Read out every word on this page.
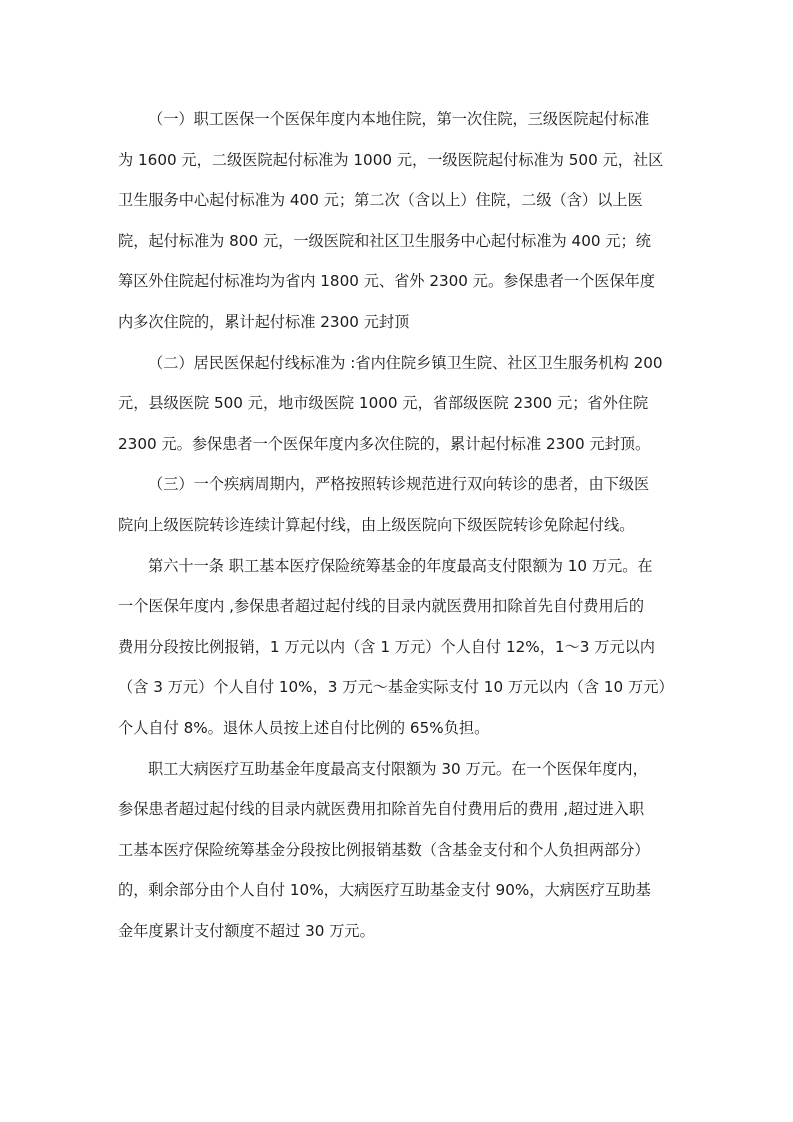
（一）职工医保一个医保年度内本地住院，第一次住院，三级医院起付标准
为 1600 元，二级医院起付标准为 1000 元，一级医院起付标准为 500 元，社区
卫生服务中心起付标准为 400 元；第二次（含以上）住院，二级（含）以上医
院，起付标准为 800 元，一级医院和社区卫生服务中心起付标准为 400 元；统
筹区外住院起付标准均为省内 1800 元、省外 2300 元。参保患者一个医保年度
内多次住院的，累计起付标准 2300 元封顶
（二）居民医保起付线标准为 :省内住院乡镇卫生院、社区卫生服务机构 200
元，县级医院 500 元，地市级医院 1000 元，省部级医院 2300 元；省外住院
2300 元。参保患者一个医保年度内多次住院的，累计起付标准 2300 元封顶。
（三）一个疾病周期内，严格按照转诊规范进行双向转诊的患者，由下级医
院向上级医院转诊连续计算起付线，由上级医院向下级医院转诊免除起付线。
第六十一条 职工基本医疗保险统筹基金的年度最高支付限额为 10 万元。在
一个医保年度内 ,参保患者超过起付线的目录内就医费用扣除首先自付费用后的
费用分段按比例报销，1 万元以内（含 1 万元）个人自付 12%，1～3 万元以内
（含 3 万元）个人自付 10%，3 万元～基金实际支付 10 万元以内（含 10 万元）
个人自付 8%。退休人员按上述自付比例的 65%负担。
职工大病医疗互助基金年度最高支付限额为 30 万元。在一个医保年度内，
参保患者超过起付线的目录内就医费用扣除首先自付费用后的费用 ,超过进入职
工基本医疗保险统筹基金分段按比例报销基数（含基金支付和个人负担两部分）
的，剩余部分由个人自付 10%，大病医疗互助基金支付 90%，大病医疗互助基
金年度累计支付额度不超过 30 万元。
